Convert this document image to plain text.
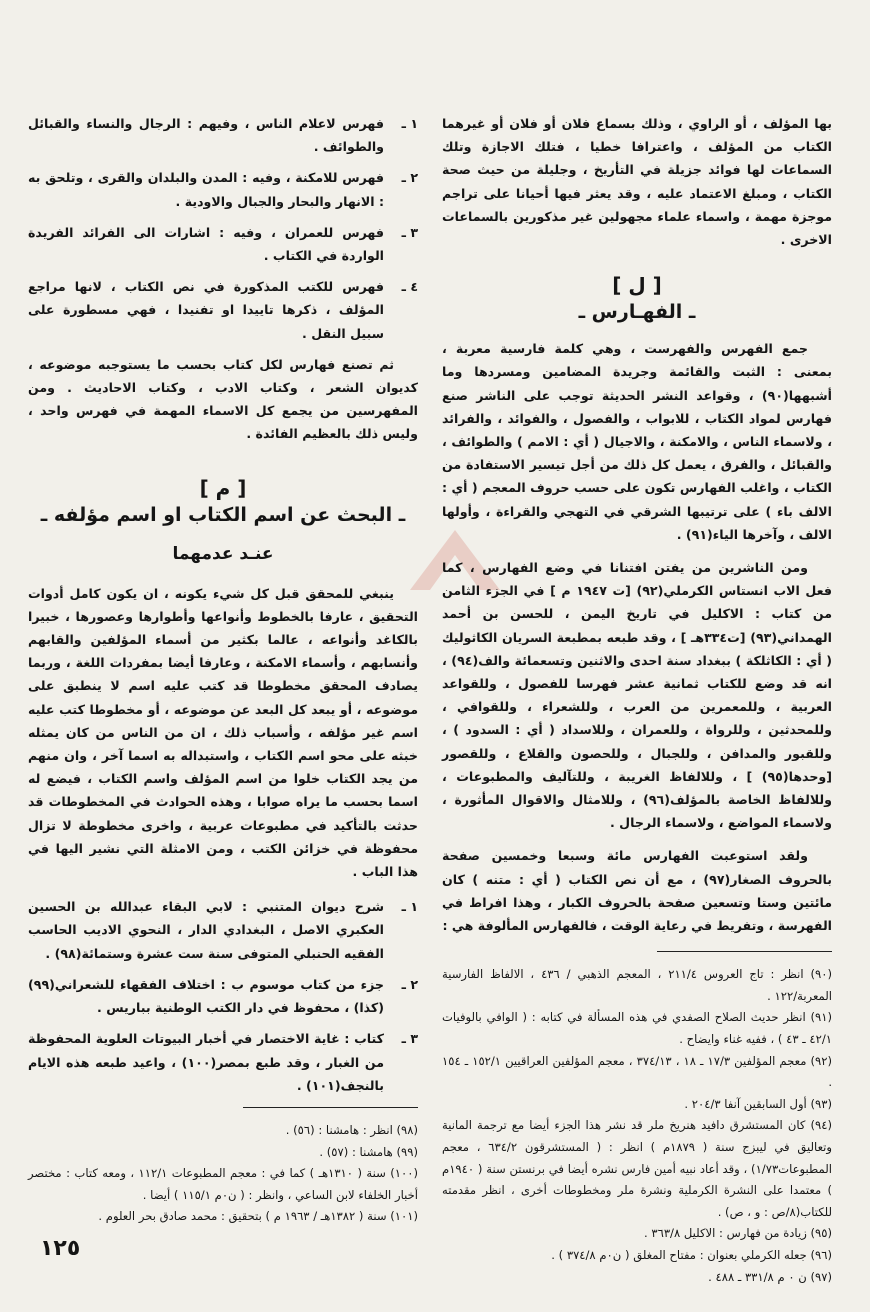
بها المؤلف ، أو الراوي ، وذلك بسماع فلان أو فلان أو غيرهما الكتاب من المؤلف ، واعترافا خطيا ، فتلك الاجازة وتلك السماعات لها فوائد جزيلة في التأريخ ، وجليلة من حيث صحة الكتاب ، ومبلغ الاعتماد عليه ، وقد يعثر فيها أحيانا على تراجم موجزة مهمة ، واسماء علماء مجهولين غير مذكورين بالسماعات الاخرى .

[ ل ]
ـ الفهـارس ـ

جمع الفهرس والفهرست ، وهي كلمة فارسية معربة ، بمعنى : الثبت والقائمة وجريدة المضامين ومسردها وما أشبهها(٩٠) ، وقواعد النشر الحديثة توجب على الناشر صنع فهارس لمواد الكتاب ، للابواب ، والفصول ، والفوائد ، والفرائد ، ولاسماء الناس ، والامكنة ، والاجيال ( أي : الامم ) والطوائف ، والقبائل ، والفرق ، يعمل كل ذلك من أجل تيسير الاستفادة من الكتاب ، واغلب الفهارس تكون على حسب حروف المعجم ( أي : الالف باء ) على ترتيبها الشرقي في التهجي والقراءة ، وأولها الالف ، وآخرها الياء(٩١) .

ومن الناشرين من يفتن افتنانا في وضع الفهارس ، كما فعل الاب انستاس الكرملي(٩٢) [ت ١٩٤٧ م ] في الجزء الثامن من كتاب : الاكليل في تاريخ اليمن ، للحسن بن أحمد الهمداني(٩٣) [ت٣٣٤هـ ] ، وقد طبعه بمطبعة السريان الكاثوليك ( أي : الكاثلكة ) ببغداد سنة احدى والاثنين وتسعمائة والف(٩٤) ، انه قد وضع للكتاب ثمانية عشر فهرسا للفصول ، وللقواعد العربية ، وللمعمرين من العرب ، وللشعراء ، وللقوافي ، وللمحدثين ، وللرواة ، وللعمران ، وللاسداد ( أي : السدود ) ، وللقبور والمدافن ، وللجبال ، وللحصون والقلاع ، وللقصور [وحدها(٩٥) ] ، وللالفاظ الغريبة ، وللتآليف والمطبوعات ، وللالفاظ الخاصة بالمؤلف(٩٦) ، وللامثال والاقوال المأثورة ، ولاسماء المواضع ، ولاسماء الرجال .

ولقد استوعبت الفهارس مائة وسبعا وخمسين صفحة بالحروف الصغار(٩٧) ، مع أن نص الكتاب ( أي : متنه ) كان مائتين وستا وتسعين صفحة بالحروف الكبار ، وهذا افراط في الفهرسة ، وتفريط في رعاية الوقت ، فالفهارس المألوفة هي :

(٩٠) انظر : تاج العروس ٢١١/٤ ، المعجم الذهبي / ٤٣٦ ، الالفاظ الفارسية المعربة/١٢٢ .
(٩١) انظر حديث الصلاح الصفدي في هذه المسألة في كتابه : ( الوافي بالوفيات ٤٢/١ ـ ٤٣ ) ، ففيه غناء وايضاح .
(٩٢) معجم المؤلفين ١٧/٣ ـ ١٨ ، ٣٧٤/١٣ ، معجم المؤلفين العراقيين ١٥٢/١ ـ ١٥٤ .
(٩٣) أول السابقين آنفا ٢٠٤/٣ .
(٩٤) كان المستشرق دافيد هنريخ ملر قد نشر هذا الجزء أيضا مع ترجمة المانية وتعاليق في ليبزج سنة ( ١٨٧٩م ) انظر : ( المستشرقون ٦٣٤/٢ ، معجم المطبوعات١/٧٣) ، وقد أعاد نبيه أمين فارس نشره أيضا في برنستن سنة ( ١٩٤٠م ) معتمدا على النشرة الكرملية ونشرة ملر ومخطوطات أخرى ، انظر مقدمته للكتاب(٨/ص : و ، ص) .
(٩٥) زيادة من فهارس : الاكليل ٣٦٣/٨ .
(٩٦) جعله الكرملي بعنوان : مفتاح المغلق ( ن٠م ٣٧٤/٨ ) .
(٩٧) ن ٠ م ٣٣١/٨ ـ ٤٨٨ .
١ ـ
فهرس لاعلام الناس ، وفيهم : الرجال والنساء والقبائل والطوائف .
٢ ـ
فهرس للامكنة ، وفيه : المدن والبلدان والقرى ، وتلحق به : الانهار والبحار والجبال والاودية .
٣ ـ
فهرس للعمران ، وفيه : اشارات الى الفرائد الفريدة الواردة في الكتاب .
٤ ـ
فهرس للكتب المذكورة في نص الكتاب ، لانها مراجع المؤلف ، ذكرها تاييدا او تفنيدا ، فهي مسطورة على سبيل النقل .

ثم تصنع فهارس لكل كتاب بحسب ما يستوجبه موضوعه ، كديوان الشعر ، وكتاب الادب ، وكتاب الاحاديث . ومن المفهرسين من يجمع كل الاسماء المهمة في فهرس واحد ، وليس ذلك بالعظيم الفائدة .

[ م ]
ـ البحث عن اسم الكتاب او اسم مؤلفه ـ
عنـد عدمهما

ينبغي للمحقق قبل كل شيء يكونه ، ان يكون كامل أدوات التحقيق ، عارفا بالخطوط وأنواعها وأطوارها وعصورها ، خبيرا بالكاغد وأنواعه ، عالما بكثير من أسماء المؤلفين والقابهم وأنسابهم ، وأسماء الامكنة ، وعارفا أيضا بمفردات اللغة ، وربما يصادف المحقق مخطوطا قد كتب عليه اسم لا ينطبق على موضوعه ، أو يبعد كل البعد عن موضوعه ، أو مخطوطا كتب عليه اسم غير مؤلفه ، وأسباب ذلك ، ان من الناس من كان يمثله خبثه على محو اسم الكتاب ، واستبداله به اسما آخر ، وان منهم من يجد الكتاب خلوا من اسم المؤلف واسم الكتاب ، فيضع له اسما بحسب ما يراه صوابا ، وهذه الحوادث في المخطوطات قد حدثت بالتأكيد في مطبوعات عربية ، واخرى مخطوطة لا تزال محفوظة في خزائن الكتب ، ومن الامثلة التي نشير اليها في هذا الباب .

١ ـ
شرح ديوان المتنبي : لابي البقاء عبدالله بن الحسين العكبري الاصل ، البغدادي الدار ، النحوي الاديب الحاسب الفقيه الحنبلي المتوفى سنة ست عشرة وستمائة(٩٨) .
٢ ـ
جزء من كتاب موسوم ب : اختلاف الفقهاء للشعراني(٩٩) (كذا) ، محفوظ في دار الكتب الوطنية بباريس .
٣ ـ
كتاب : غاية الاختصار في أخبار البيوتات العلوية المحفوظة من الغبار ، وقد طبع بمصر(١٠٠) ، واعيد طبعه هذه الايام بالنجف(١٠١) .
(٩٨) انظر : هامشنا : (٥٦) .
(٩٩) هامشنا : (٥٧) .
(١٠٠) سنة ( ١٣١٠هـ ) كما في : معجم المطبوعات ١١٢/١ ، ومعه كتاب : مختصر أخبار الخلفاء لابن الساعي ، وانظر : ( ن٠م ١١٥/١ ) أيضا .
(١٠١) سنة ( ١٣٨٢هـ / ١٩٦٣ م ) بتحقيق : محمد صادق بحر العلوم .
١٢٥
